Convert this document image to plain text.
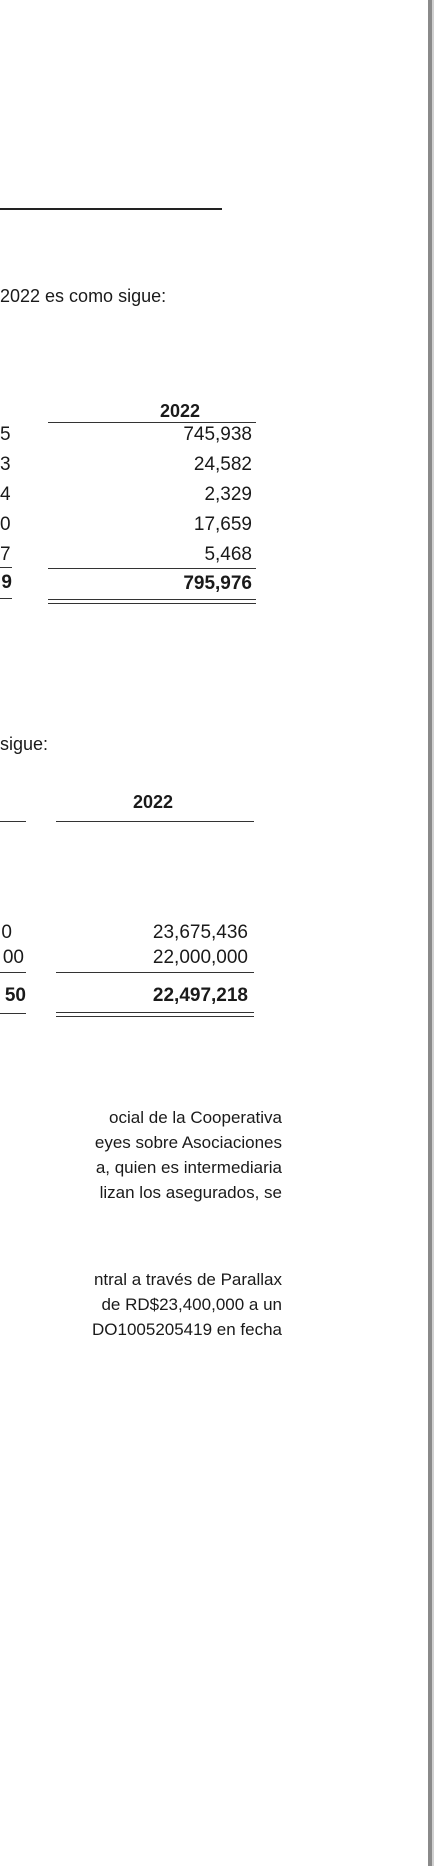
2022 es como sigue:
2022
5
3
4
0
7
9
745,938
24,582
2,329
17,659
5,468
795,976
sigue:
2022
0
00
50
23,675,436
22,000,000
22,497,218
ocial de la Cooperativa
eyes sobre Asociaciones
a, quien es intermediaria
lizan los asegurados, se
ntral a través de Parallax
de RD$23,400,000 a un
DO1005205419 en fecha
